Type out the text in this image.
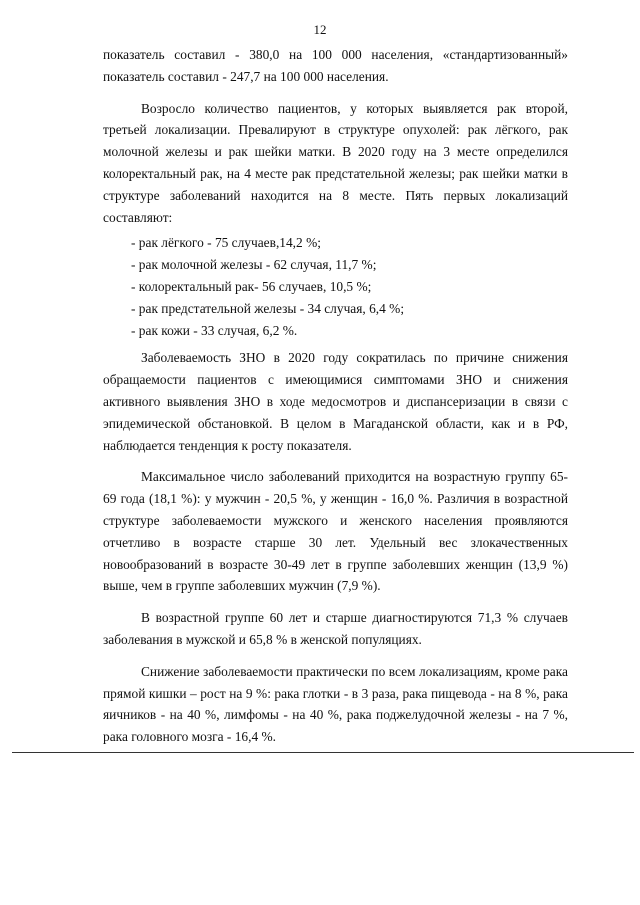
12

показатель составил - 380,0 на 100 000 населения, «стандартизованный» показатель составил - 247,7 на 100 000 населения.

Возросло количество пациентов, у которых выявляется рак второй, третьей локализации. Превалируют в структуре опухолей: рак лёгкого, рак молочной железы и рак шейки матки. В 2020 году на 3 месте определился колоректальный рак, на 4 месте рак предстательной железы; рак шейки матки в структуре заболеваний находится на 8 месте. Пять первых локализаций составляют:

- рак лёгкого - 75 случаев,14,2 %;
- рак молочной железы - 62 случая, 11,7 %;
- колоректальный рак- 56 случаев, 10,5 %;
- рак предстательной железы - 34 случая, 6,4 %;
- рак кожи - 33 случая, 6,2 %.

Заболеваемость ЗНО в 2020 году сократилась по причине снижения обращаемости пациентов с имеющимися симптомами ЗНО и снижения активного выявления ЗНО в ходе медосмотров и диспансеризации в связи с эпидемической обстановкой. В целом в Магаданской области, как и в РФ, наблюдается тенденция к росту показателя.

Максимальное число заболеваний приходится на возрастную группу 65-69 года (18,1 %): у мужчин - 20,5 %, у женщин - 16,0 %. Различия в возрастной структуре заболеваемости мужского и женского населения проявляются отчетливо в возрасте старше 30 лет. Удельный вес злокачественных новообразований в возрасте 30-49 лет в группе заболевших женщин (13,9 %) выше, чем в группе заболевших мужчин (7,9 %).

В возрастной группе 60 лет и старше диагностируются 71,3 % случаев заболевания в мужской и 65,8 % в женской популяциях.

Снижение заболеваемости практически по всем локализациям, кроме рака прямой кишки – рост на 9 %: рака глотки - в 3 раза, рака пищевода - на 8 %, рака яичников - на 40 %, лимфомы - на 40 %, рака поджелудочной железы - на 7 %, рака головного мозга - 16,4 %.
